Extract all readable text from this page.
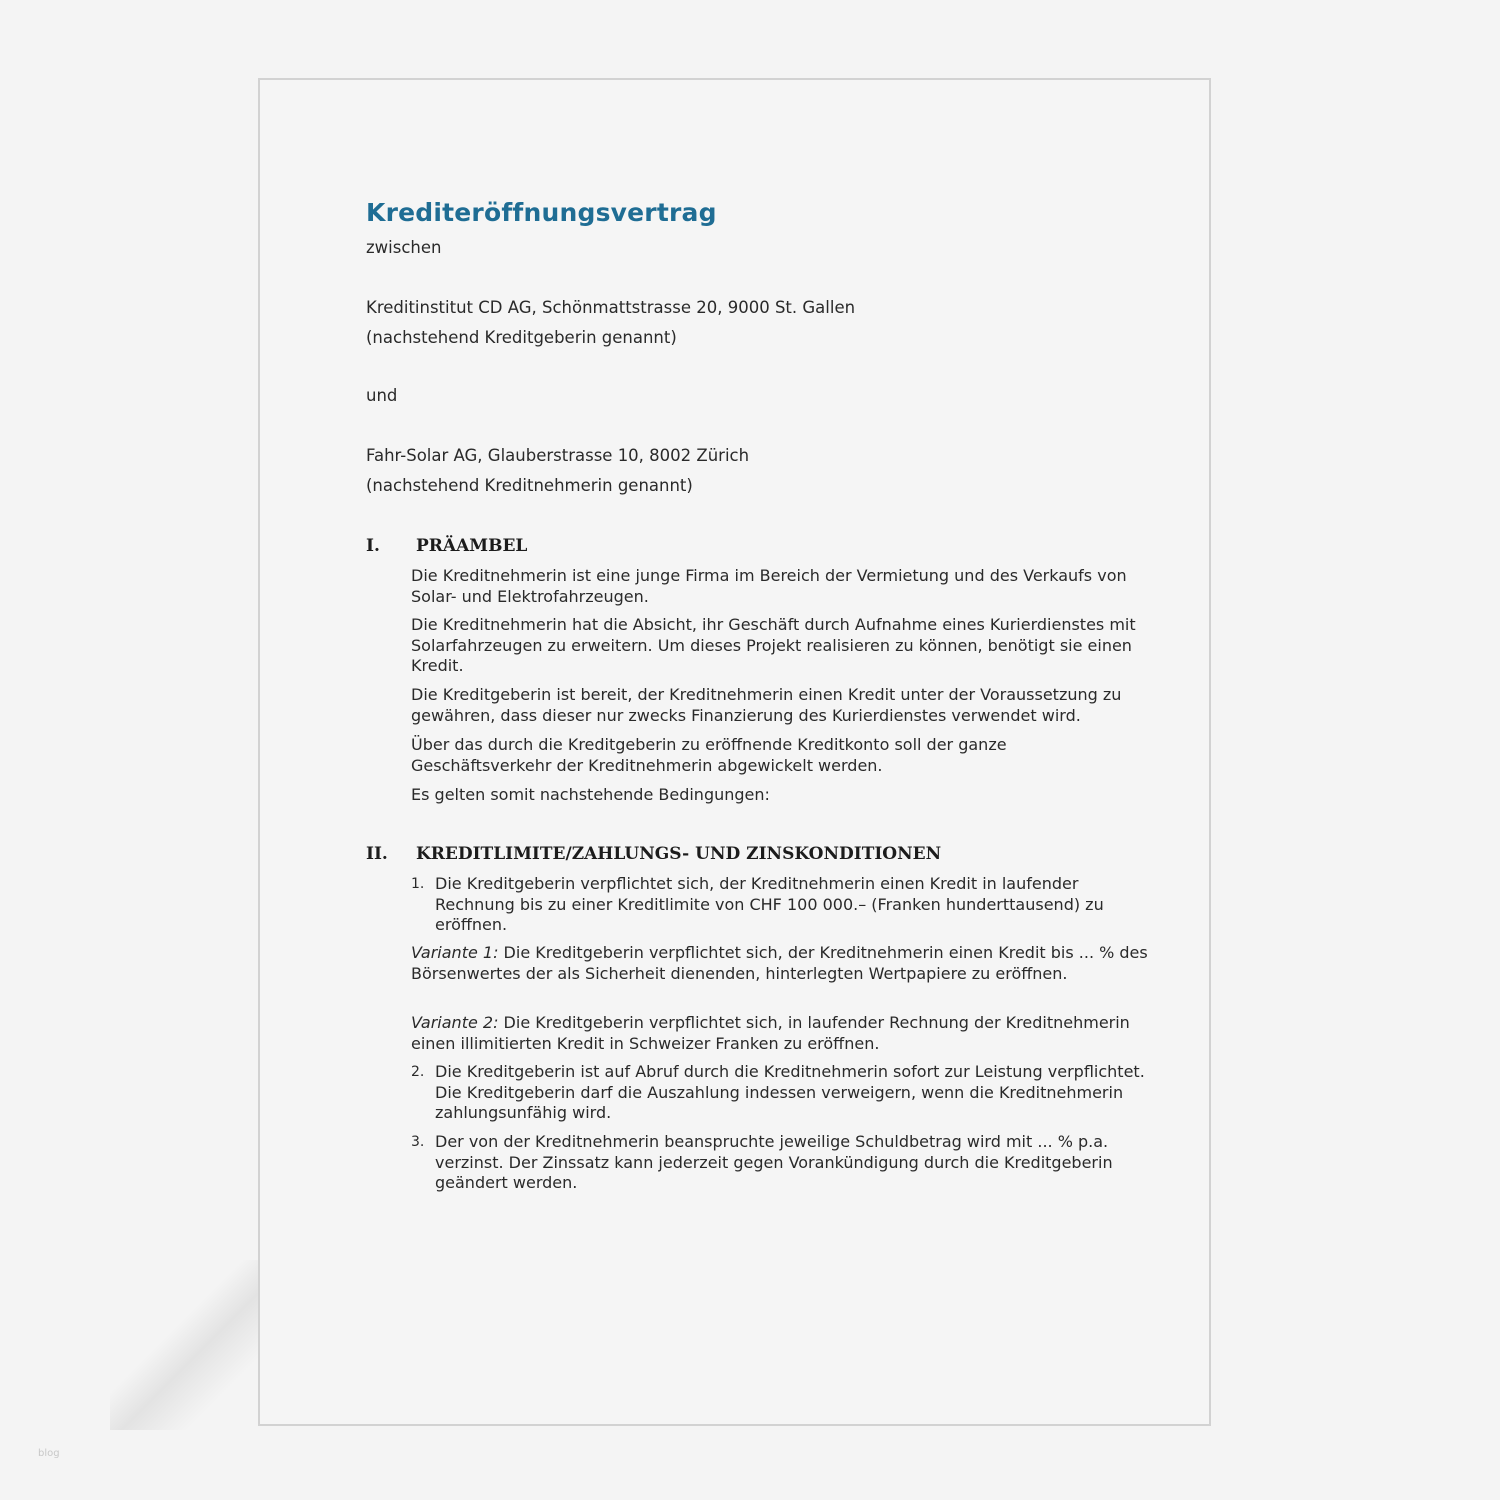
Krediteröffnungsvertrag

zwischen

Kreditinstitut CD AG, Schönmattstrasse 20, 9000 St. Gallen

(nachstehend Kreditgeberin genannt)

und

Fahr-Solar AG, Glauberstrasse 10, 8002 Zürich

(nachstehend Kreditnehmerin genannt)

I. PRÄAMBEL

Die Kreditnehmerin ist eine junge Firma im Bereich der Vermietung und des Verkaufs von Solar- und Elektrofahrzeugen.

Die Kreditnehmerin hat die Absicht, ihr Geschäft durch Aufnahme eines Kurierdienstes mit Solarfahrzeugen zu erweitern. Um dieses Projekt realisieren zu können, benötigt sie einen Kredit.

Die Kreditgeberin ist bereit, der Kreditnehmerin einen Kredit unter der Voraussetzung zu gewähren, dass dieser nur zwecks Finanzierung des Kurierdienstes verwendet wird.

Über das durch die Kreditgeberin zu eröffnende Kreditkonto soll der ganze Geschäftsverkehr der Kreditnehmerin abgewickelt werden.

Es gelten somit nachstehende Bedingungen:

II. KREDITLIMITE/ZAHLUNGS- UND ZINSKONDITIONEN
1. Die Kreditgeberin verpflichtet sich, der Kreditnehmerin einen Kredit in laufender Rechnung bis zu einer Kreditlimite von CHF 100 000.– (Franken hunderttausend) zu eröffnen.

Variante 1: Die Kreditgeberin verpflichtet sich, der Kreditnehmerin einen Kredit bis ... % des Börsenwertes der als Sicherheit dienenden, hinterlegten Wertpapiere zu eröffnen.

Variante 2: Die Kreditgeberin verpflichtet sich, in laufender Rechnung der Kreditnehmerin einen illimitierten Kredit in Schweizer Franken zu eröffnen.

2. Die Kreditgeberin ist auf Abruf durch die Kreditnehmerin sofort zur Leistung verpflichtet. Die Kreditgeberin darf die Auszahlung indessen verweigern, wenn die Kreditnehmerin zahlungsunfähig wird.
3. Der von der Kreditnehmerin beanspruchte jeweilige Schuldbetrag wird mit ... % p.a. verzinst. Der Zinssatz kann jederzeit gegen Vorankündigung durch die Kreditgeberin geändert werden.
blog
